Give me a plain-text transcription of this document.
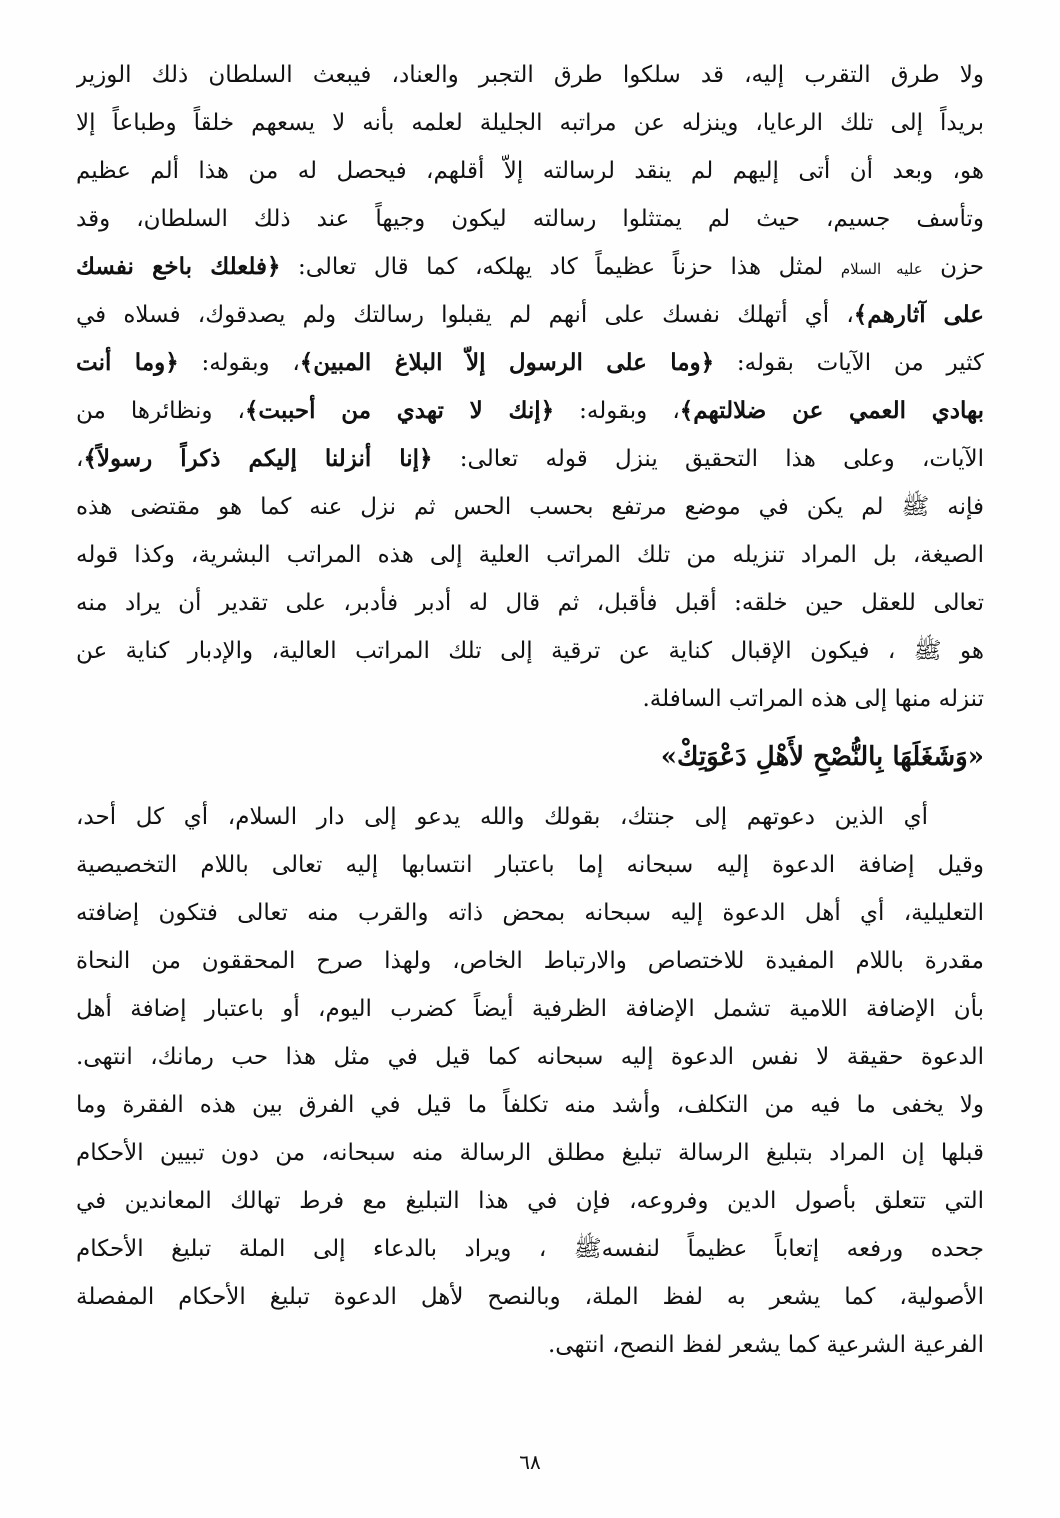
ولا طرق التقرب إليه، قد سلكوا طرق التجبر والعناد، فيبعث السلطان ذلك الوزير
بريداً إلى تلك الرعايا، وينزله عن مراتبه الجليلة لعلمه بأنه لا يسعهم خلقاً وطباعاً إلا
هو، وبعد أن أتى إليهم لم ينقد لرسالته إلاّ أقلهم، فيحصل له من هذا ألم عظيم
وتأسف جسيم، حيث لم يمتثلوا رسالته ليكون وجيهاً عند ذلك السلطان، وقد
حزن عليه السلام لمثل هذا حزناً عظيماً كاد يهلكه، كما قال تعالى: ﴿فلعلك باخع نفسك
على آثارهم﴾، أي أتهلك نفسك على أنهم لم يقبلوا رسالتك ولم يصدقوك، فسلاه في
كثير من الآيات بقوله: ﴿وما على الرسول إلاّ البلاغ المبين﴾، وبقوله: ﴿وما أنت
بهادي العمي عن ضلالتهم﴾، وبقوله: ﴿إنك لا تهدي من أحببت﴾، ونظائرها من
الآيات، وعلى هذا التحقيق ينزل قوله تعالى: ﴿إنا أنزلنا إليكم ذكراً رسولاً﴾،
فإنه ﷺ لم يكن في موضع مرتفع بحسب الحس ثم نزل عنه كما هو مقتضى هذه
الصيغة، بل المراد تنزيله من تلك المراتب العلية إلى هذه المراتب البشرية، وكذا قوله
تعالى للعقل حين خلقه: أقبل فأقبل، ثم قال له أدبر فأدبر، على تقدير أن يراد منه
هو ﷺ ، فيكون الإقبال كناية عن ترقية إلى تلك المراتب العالية، والإدبار كناية عن
تنزله منها إلى هذه المراتب السافلة.
«وَشَغَلَهَا بِالنُّصْحِ لأَهْلِ دَعْوَتِكْ»
أي الذين دعوتهم إلى جنتك، بقولك والله يدعو إلى دار السلام، أي كل أحد،
وقيل إضافة الدعوة إليه سبحانه إما باعتبار انتسابها إليه تعالى باللام التخصيصية
التعليلية، أي أهل الدعوة إليه سبحانه بمحض ذاته والقرب منه تعالى فتكون إضافته
مقدرة باللام المفيدة للاختصاص والارتباط الخاص، ولهذا صرح المحققون من النحاة
بأن الإضافة اللامية تشمل الإضافة الظرفية أيضاً كضرب اليوم، أو باعتبار إضافة أهل
الدعوة حقيقة لا نفس الدعوة إليه سبحانه كما قيل في مثل هذا حب رمانك، انتهى.
ولا يخفى ما فيه من التكلف، وأشد منه تكلفاً ما قيل في الفرق بين هذه الفقرة وما
قبلها إن المراد بتبليغ الرسالة تبليغ مطلق الرسالة منه سبحانه، من دون تبيين الأحكام
التي تتعلق بأصول الدين وفروعه، فإن في هذا التبليغ مع فرط تهالك المعاندين في
جحده ورفعه إتعاباً عظيماً لنفسهﷺ ، ويراد بالدعاء إلى الملة تبليغ الأحكام
الأصولية، كما يشعر به لفظ الملة، وبالنصح لأهل الدعوة تبليغ الأحكام المفصلة
الفرعية الشرعية كما يشعر لفظ النصح، انتهى.
٦٨
